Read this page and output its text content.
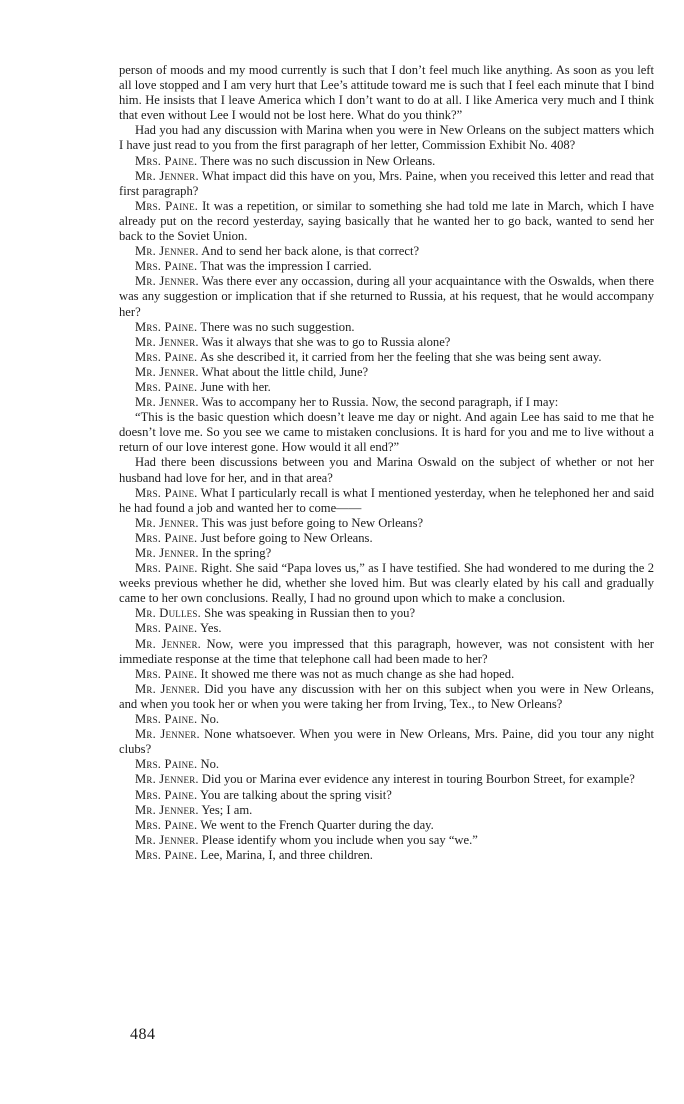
person of moods and my mood currently is such that I don’t feel much like anything. As soon as you left all love stopped and I am very hurt that Lee’s attitude toward me is such that I feel each minute that I bind him. He insists that I leave America which I don’t want to do at all. I like America very much and I think that even without Lee I would not be lost here. What do you think?”

Had you had any discussion with Marina when you were in New Orleans on the subject matters which I have just read to you from the first paragraph of her letter, Commission Exhibit No. 408?

Mrs. Paine. There was no such discussion in New Orleans.

Mr. Jenner. What impact did this have on you, Mrs. Paine, when you received this letter and read that first paragraph?

Mrs. Paine. It was a repetition, or similar to something she had told me late in March, which I have already put on the record yesterday, saying basically that he wanted her to go back, wanted to send her back to the Soviet Union.

Mr. Jenner. And to send her back alone, is that correct?

Mrs. Paine. That was the impression I carried.

Mr. Jenner. Was there ever any occassion, during all your acquaintance with the Oswalds, when there was any suggestion or implication that if she returned to Russia, at his request, that he would accompany her?

Mrs. Paine. There was no such suggestion.

Mr. Jenner. Was it always that she was to go to Russia alone?

Mrs. Paine. As she described it, it carried from her the feeling that she was being sent away.

Mr. Jenner. What about the little child, June?

Mrs. Paine. June with her.

Mr. Jenner. Was to accompany her to Russia. Now, the second paragraph, if I may:

“This is the basic question which doesn’t leave me day or night. And again Lee has said to me that he doesn’t love me. So you see we came to mistaken conclusions. It is hard for you and me to live without a return of our love interest gone. How would it all end?”

Had there been discussions between you and Marina Oswald on the subject of whether or not her husband had love for her, and in that area?

Mrs. Paine. What I particularly recall is what I mentioned yesterday, when he telephoned her and said he had found a job and wanted her to come——

Mr. Jenner. This was just before going to New Orleans?

Mrs. Paine. Just before going to New Orleans.

Mr. Jenner. In the spring?

Mrs. Paine. Right. She said “Papa loves us,” as I have testified. She had wondered to me during the 2 weeks previous whether he did, whether she loved him. But was clearly elated by his call and gradually came to her own conclusions. Really, I had no ground upon which to make a conclusion.

Mr. Dulles. She was speaking in Russian then to you?

Mrs. Paine. Yes.

Mr. Jenner. Now, were you impressed that this paragraph, however, was not consistent with her immediate response at the time that telephone call had been made to her?

Mrs. Paine. It showed me there was not as much change as she had hoped.

Mr. Jenner. Did you have any discussion with her on this subject when you were in New Orleans, and when you took her or when you were taking her from Irving, Tex., to New Orleans?

Mrs. Paine. No.

Mr. Jenner. None whatsoever. When you were in New Orleans, Mrs. Paine, did you tour any night clubs?

Mrs. Paine. No.

Mr. Jenner. Did you or Marina ever evidence any interest in touring Bourbon Street, for example?

Mrs. Paine. You are talking about the spring visit?

Mr. Jenner. Yes; I am.

Mrs. Paine. We went to the French Quarter during the day.

Mr. Jenner. Please identify whom you include when you say “we.”

Mrs. Paine. Lee, Marina, I, and three children.

484
